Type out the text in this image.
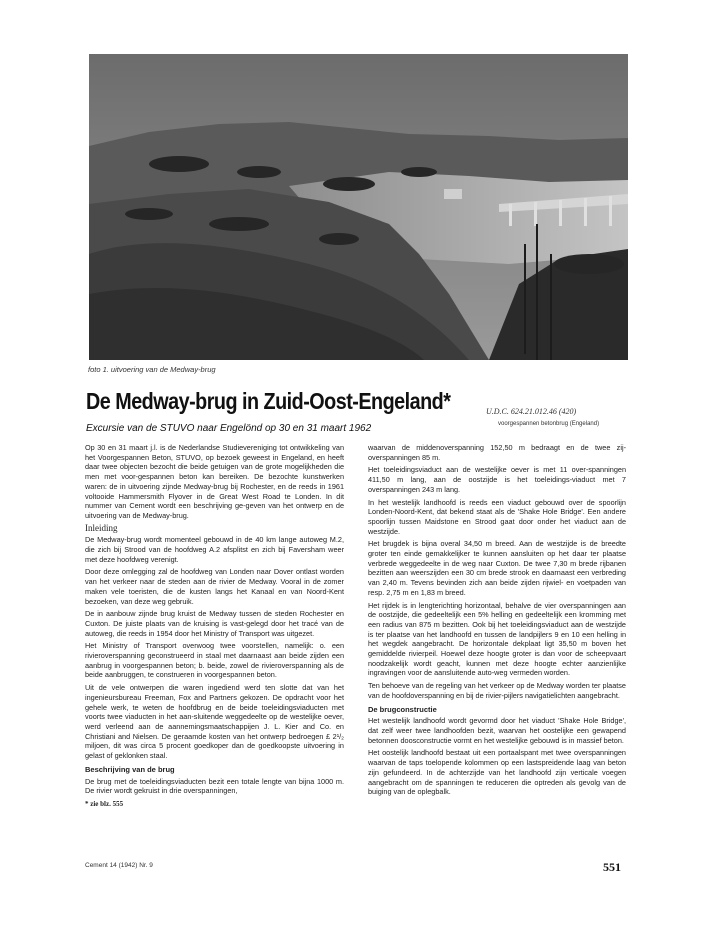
foto 1. uitvoering van de Medway-brug
De Medway-brug in Zuid-Oost-Engeland*	U.D.C. 624.21.012.46 (420)
voorgespannen betonbrug (Engeland)
Excursie van de STUVO naar Engelönd op 30 en 31 maart 1962

Op 30 en 31 maart j.l. is de Nederlandse Studievereniging tot ontwikkeling van het Voorgespannen Beton, STUVO, op bezoek geweest in Engeland, en heeft daar twee objecten bezocht die beide getuigen van de grote mogelijkheden die men met voor-gespannen beton kan bereiken. De bezochte kunstwerken waren: de in uitvoering zijnde Medway-brug bij Rochester, en de reeds in 1961 voltooide Hammersmith Flyover in de Great West Road te Londen. In dit nummer van Cement wordt een beschrijving ge-geven van het ontwerp en de uitvoering van de Medway-brug.

Inleiding

De Medway-brug wordt momenteel gebouwd in de 40 km lange autoweg M.2, die zich bij Strood van de hoofdweg A.2 afsplitst en zich bij Faversham weer met deze hoofdweg verenigt.

Door deze omlegging zal de hoofdweg van Londen naar Dover ontlast worden van het verkeer naar de steden aan de rivier de Medway. Vooral in de zomer maken vele toeristen, die de kusten langs het Kanaal en van Noord-Kent bezoeken, van deze weg gebruik.

De in aanbouw zijnde brug kruist de Medway tussen de steden Rochester en Cuxton. De juiste plaats van de kruising is vast-gelegd door het tracé van de autoweg, die reeds in 1954 door het Ministry of Transport was uitgezet.

Het Ministry of Transport overwoog twee voorstellen, namelijk: o. een rivieroverspanning geconstrueerd in staal met daarnaast aan beide zijden een aanbrug in voorgespannen beton; b. beide, zowel de rivieroverspanning als de beide aanbruggen, te construeren in voorgespannen beton.

Uit de vele ontwerpen die waren ingediend werd ten slotte dat van het ingenieursbureau Freeman, Fox and Partners gekozen. De opdracht voor het gehele werk, te weten de hoofdbrug en de beide toeleidingsviaducten met voorts twee viaducten in het aan-sluitende weggedeelte op de westelijke oever, werd verleend aan de aannemingsmaatschappijen J. L. Kier and Co. en Christiani and Nielsen. De geraamde kosten van het ontwerp bedroegen £ 2¹/₂ miljoen, dit was circa 5 procent goedkoper dan de goedkoopste uitvoering in gelast of geklonken staal.

Beschrijving van de brug

De brug met de toeleidingsviaducten bezit een totale lengte van bijna 1000 m. De rivier wordt gekruist in drie overspanningen,

* zie blz. 555

waarvan de middenoverspanning 152,50 m bedraagt en de twee zij-overspanningen 85 m.

Het toeleidingsviaduct aan de westelijke oever is met 11 over-spanningen 411,50 m lang, aan de oostzijde is het toeleidings-viaduct met 7 overspanningen 243 m lang.

In het westelijk landhoofd is reeds een viaduct gebouwd over de spoorlijn Londen-Noord-Kent, dat bekend staat als de 'Shake Hole Bridge'. Een andere spoorlijn tussen Maidstone en Strood gaat door onder het viaduct aan de westzijde.

Het brugdek is bijna overal 34,50 m breed. Aan de westzijde is de breedte groter ten einde gemakkelijker te kunnen aansluiten op het daar ter plaatse verbrede weggedeelte in de weg naar Cuxton. De twee 7,30 m brede rijbanen bezitten aan weerszijden een 30 cm brede strook en daarnaast een verbreding van 2,40 m. Tevens bevinden zich aan beide zijden rijwiel- en voetpaden van resp. 2,75 m en 1,83 m breed.

Het rijdek is in lengterichting horizontaal, behalve de vier overspanningen aan de oostzijde, die gedeeltelijk een 5% helling en gedeeltelijk een kromming met een radius van 875 m bezitten. Ook bij het toeleidingsviaduct aan de westzijde is ter plaatse van het landhoofd en tussen de landpijlers 9 en 10 een helling in het wegdek aangebracht. De horizontale dekplaat ligt 35,50 m boven het gemiddelde rivierpeil. Hoewel deze hoogte groter is dan voor de scheepvaart noodzakelijk wordt geacht, kunnen met deze hoogte echter aanzienlijke ingravingen voor de aansluitende auto-weg vermeden worden.

Ten behoeve van de regeling van het verkeer op de Medway worden ter plaatse van de hoofdoverspanning en bij de rivier-pijlers navigatielichten aangebracht.

De brugconstructie

Het westelijk landhoofd wordt gevormd door het viaduct 'Shake Hole Bridge', dat zelf weer twee landhoofden bezit, waarvan het oostelijke een gewapend betonnen doosconstructie vormt en het westelijke gebouwd is in massief beton.

Het oostelijk landhoofd bestaat uit een portaalspant met twee overspanningen waarvan de taps toelopende kolommen op een lastspreidende laag van beton zijn gefundeerd. In de achterzijde van het landhoofd zijn verticale voegen aangebracht om de spanningen te reduceren die optreden als gevolg van de buiging van de oplegbalk.

Cement 14 (1942) Nr. 9	551
